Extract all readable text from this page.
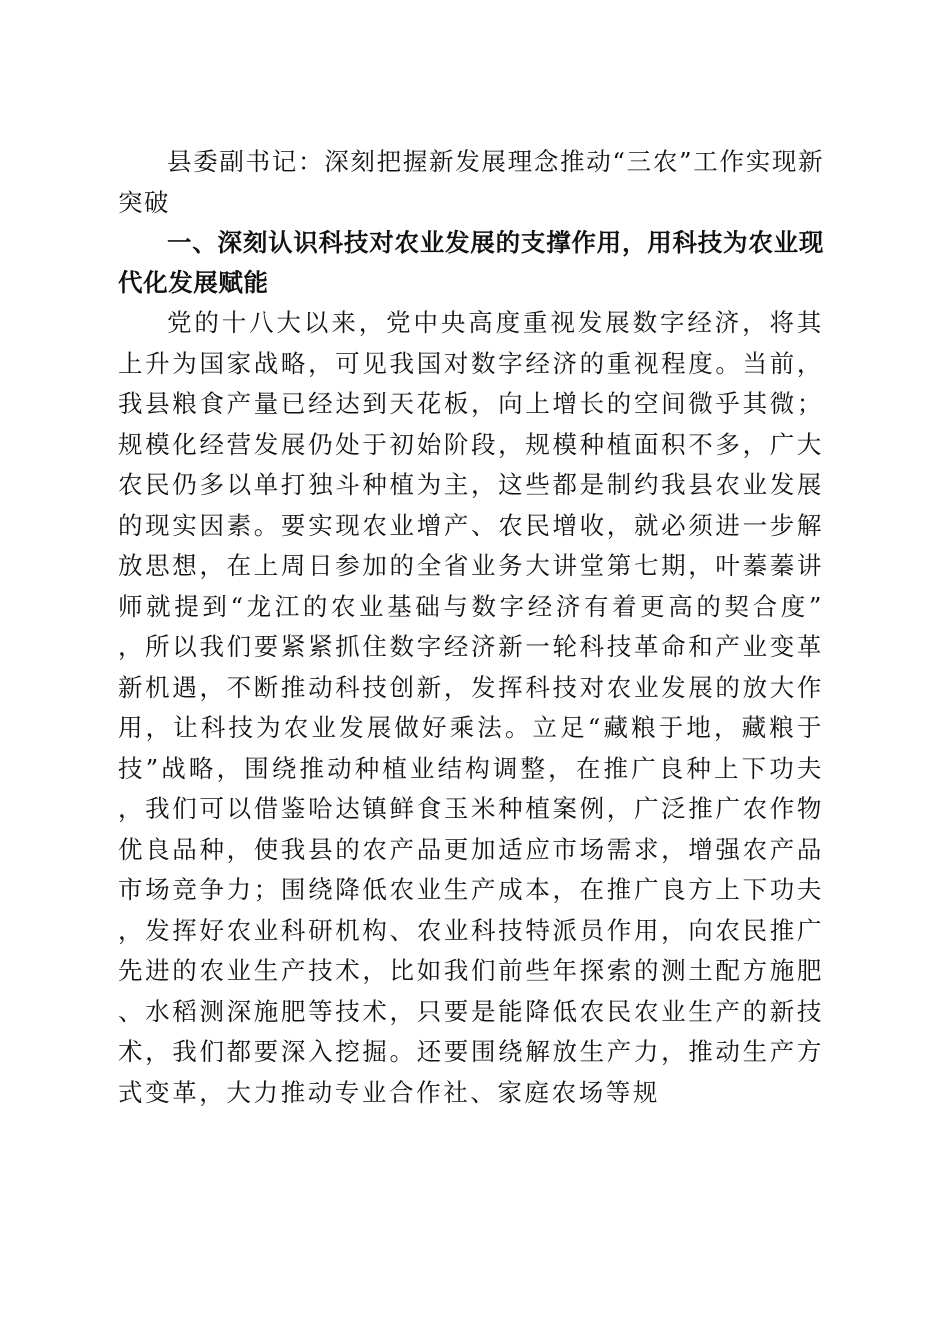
县委副书记：深刻把握新发展理念推动“三农”工作实现新突破

一、深刻认识科技对农业发展的支撑作用，用科技为农业现代化发展赋能

党的十八大以来，党中央高度重视发展数字经济，将其上升为国家战略，可见我国对数字经济的重视程度。当前，我县粮食产量已经达到天花板，向上增长的空间微乎其微；规模化经营发展仍处于初始阶段，规模种植面积不多，广大农民仍多以单打独斗种植为主，这些都是制约我县农业发展的现实因素。要实现农业增产、农民增收，就必须进一步解放思想，在上周日参加的全省业务大讲堂第七期，叶蓁蓁讲师就提到“龙江的农业基础与数字经济有着更高的契合度”，所以我们要紧紧抓住数字经济新一轮科技革命和产业变革新机遇，不断推动科技创新，发挥科技对农业发展的放大作用，让科技为农业发展做好乘法。立足“藏粮于地，藏粮于技”战略，围绕推动种植业结构调整，在推广良种上下功夫，我们可以借鉴哈达镇鲜食玉米种植案例，广泛推广农作物优良品种，使我县的农产品更加适应市场需求，增强农产品市场竞争力；围绕降低农业生产成本，在推广良方上下功夫，发挥好农业科研机构、农业科技特派员作用，向农民推广先进的农业生产技术，比如我们前些年探索的测土配方施肥、水稻测深施肥等技术，只要是能降低农民农业生产的新技术，我们都要深入挖掘。还要围绕解放生产力，推动生产方式变革，大力推动专业合作社、家庭农场等规
